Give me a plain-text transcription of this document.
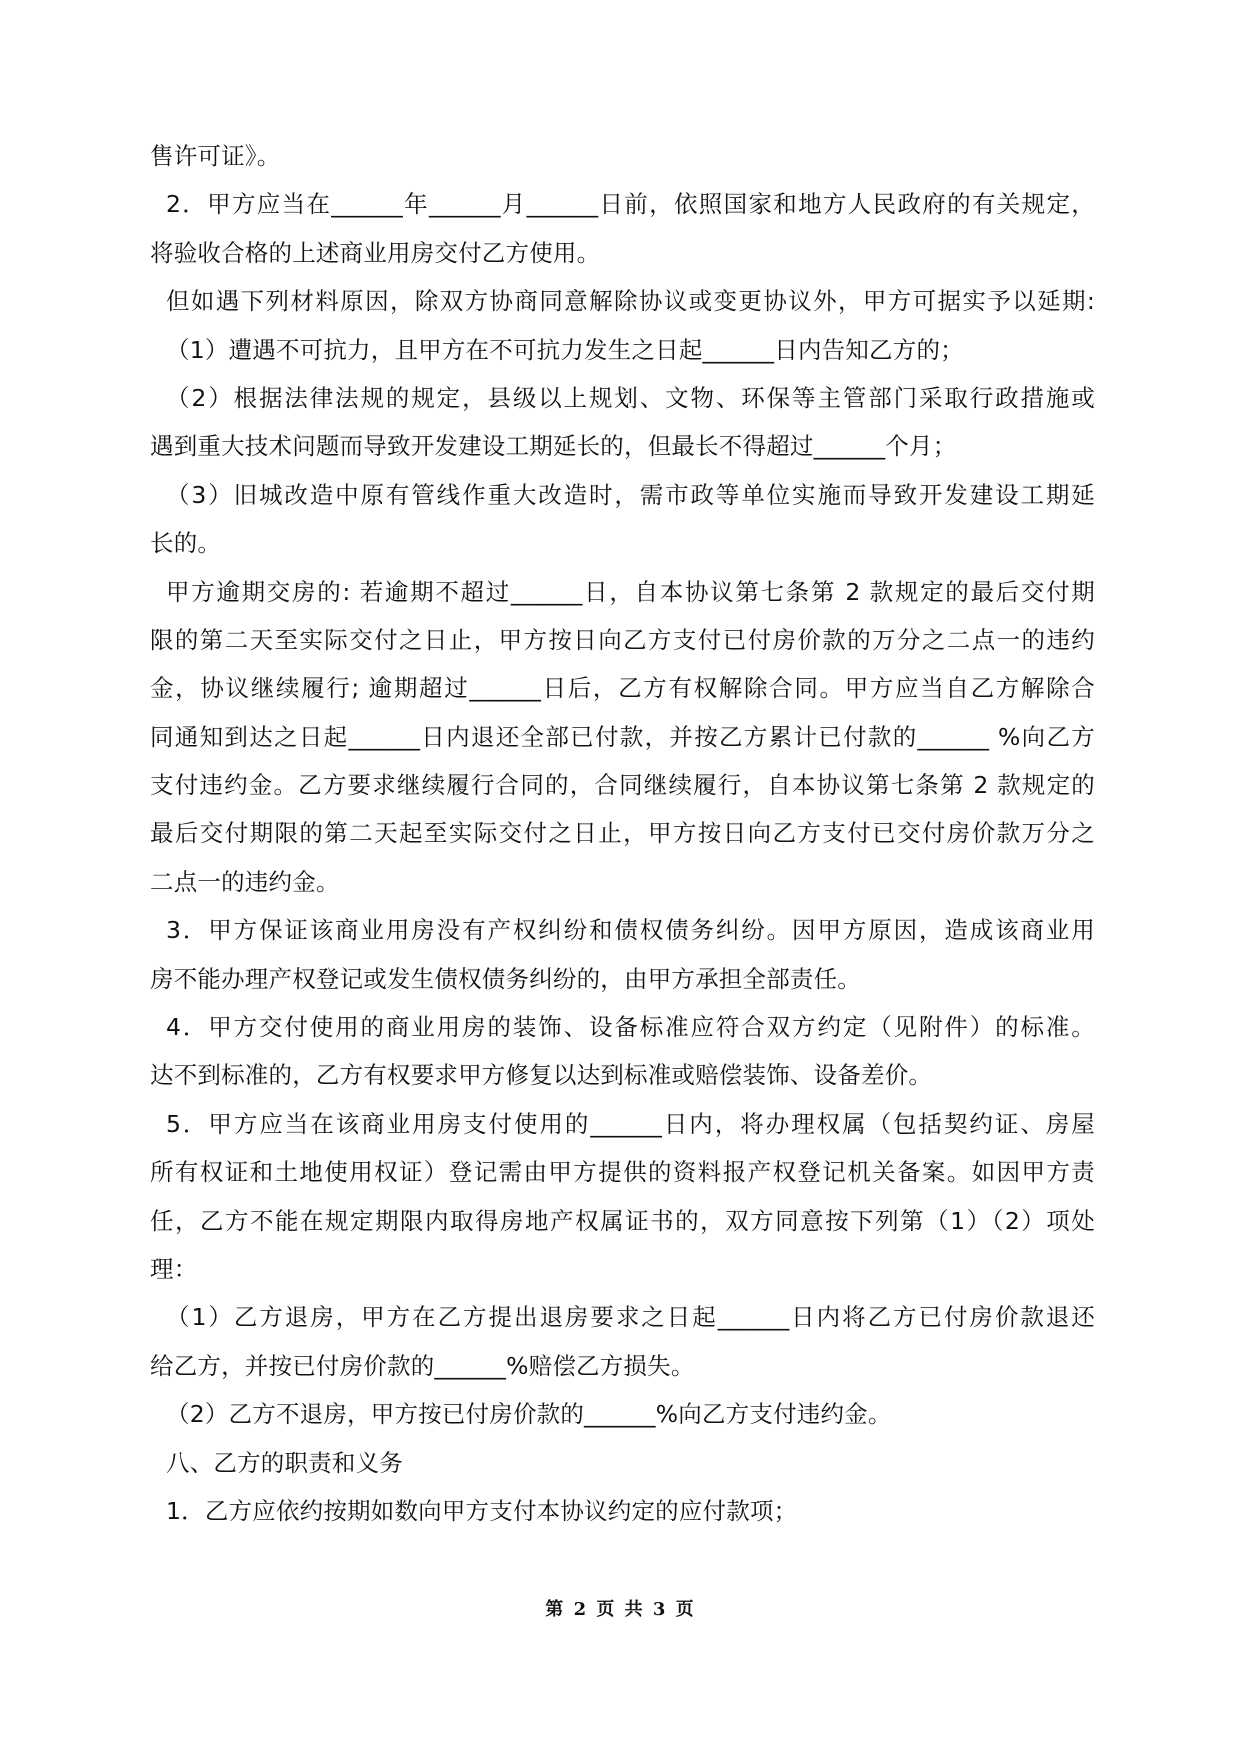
售许可证》。
2．甲方应当在______年______月______日前，依照国家和地方人民政府的有关规定，
将验收合格的上述商业用房交付乙方使用。
但如遇下列材料原因，除双方协商同意解除协议或变更协议外，甲方可据实予以延期:
（1）遭遇不可抗力，且甲方在不可抗力发生之日起______日内告知乙方的；
（2）根据法律法规的规定，县级以上规划、文物、环保等主管部门采取行政措施或
遇到重大技术问题而导致开发建设工期延长的，但最长不得超过______个月；
（3）旧城改造中原有管线作重大改造时，需市政等单位实施而导致开发建设工期延
长的。
甲方逾期交房的: 若逾期不超过______日，自本协议第七条第 2 款规定的最后交付期
限的第二天至实际交付之日止，甲方按日向乙方支付已付房价款的万分之二点一的违约
金，协议继续履行; 逾期超过______日后，乙方有权解除合同。甲方应当自乙方解除合
同通知到达之日起______日内退还全部已付款，并按乙方累计已付款的______ %向乙方
支付违约金。乙方要求继续履行合同的，合同继续履行，自本协议第七条第 2 款规定的
最后交付期限的第二天起至实际交付之日止，甲方按日向乙方支付已交付房价款万分之
二点一的违约金。
3．甲方保证该商业用房没有产权纠纷和债权债务纠纷。因甲方原因，造成该商业用
房不能办理产权登记或发生债权债务纠纷的，由甲方承担全部责任。
4．甲方交付使用的商业用房的装饰、设备标准应符合双方约定（见附件）的标准。
达不到标准的，乙方有权要求甲方修复以达到标准或赔偿装饰、设备差价。
5．甲方应当在该商业用房支付使用的______日内，将办理权属（包括契约证、房屋
所有权证和土地使用权证）登记需由甲方提供的资料报产权登记机关备案。如因甲方责
任，乙方不能在规定期限内取得房地产权属证书的，双方同意按下列第（1）（2）项处
理：
（1）乙方退房，甲方在乙方提出退房要求之日起______日内将乙方已付房价款退还
给乙方，并按已付房价款的______%赔偿乙方损失。
（2）乙方不退房，甲方按已付房价款的______%向乙方支付违约金。
八、乙方的职责和义务
1．乙方应依约按期如数向甲方支付本协议约定的应付款项；
第 2 页 共 3 页
